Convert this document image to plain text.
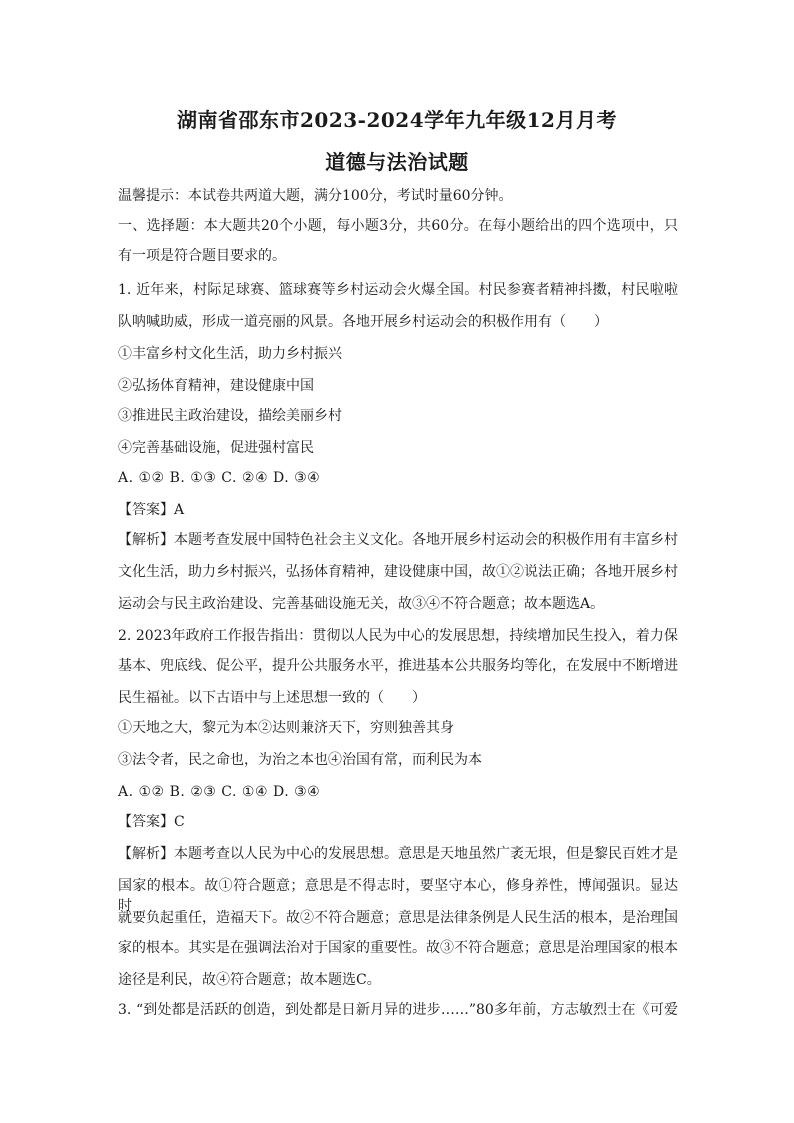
湖南省邵东市2023-2024学年九年级12月月考
道德与法治试题
温馨提示：本试卷共两道大题，满分100分，考试时量60分钟。
一、选择题：本大题共20个小题，每小题3分，共60分。在每小题给出的四个选项中，只
有一项是符合题目要求的。
1. 近年来，村际足球赛、篮球赛等乡村运动会火爆全国。村民参赛者精神抖擞，村民啦啦
队呐喊助威，形成一道亮丽的风景。各地开展乡村运动会的积极作用有（　　）
①丰富乡村文化生活，助力乡村振兴
②弘扬体育精神，建设健康中国
③推进民主政治建设，描绘美丽乡村
④完善基础设施，促进强村富民
A. ①② B. ①③ C. ②④ D. ③④
【答案】A
【解析】本题考查发展中国特色社会主义文化。各地开展乡村运动会的积极作用有丰富乡村
文化生活，助力乡村振兴，弘扬体育精神，建设健康中国，故①②说法正确；各地开展乡村
运动会与民主政治建设、完善基础设施无关，故③④不符合题意；故本题选A。
2. 2023年政府工作报告指出：贯彻以人民为中心的发展思想，持续增加民生投入，着力保
基本、兜底线、促公平，提升公共服务水平，推进基本公共服务均等化，在发展中不断增进
民生福祉。以下古语中与上述思想一致的（　　）
①天地之大，黎元为本②达则兼济天下，穷则独善其身
③法令者，民之命也，为治之本也④治国有常，而利民为本
A. ①② B. ②③ C. ①④ D. ③④
【答案】C
【解析】本题考查以人民为中心的发展思想。意思是天地虽然广袤无垠，但是黎民百姓才是
国家的根本。故①符合题意；意思是不得志时，要坚守本心，修身养性，博闻强识。显达时，
就要负起重任，造福天下。故②不符合题意；意思是法律条例是人民生活的根本，是治理国
家的根本。其实是在强调法治对于国家的重要性。故③不符合题意；意思是治理国家的根本
途径是利民，故④符合题意；故本题选C。
3. “到处都是活跃的创造，到处都是日新月异的进步……”80多年前，方志敏烈士在《可爱
